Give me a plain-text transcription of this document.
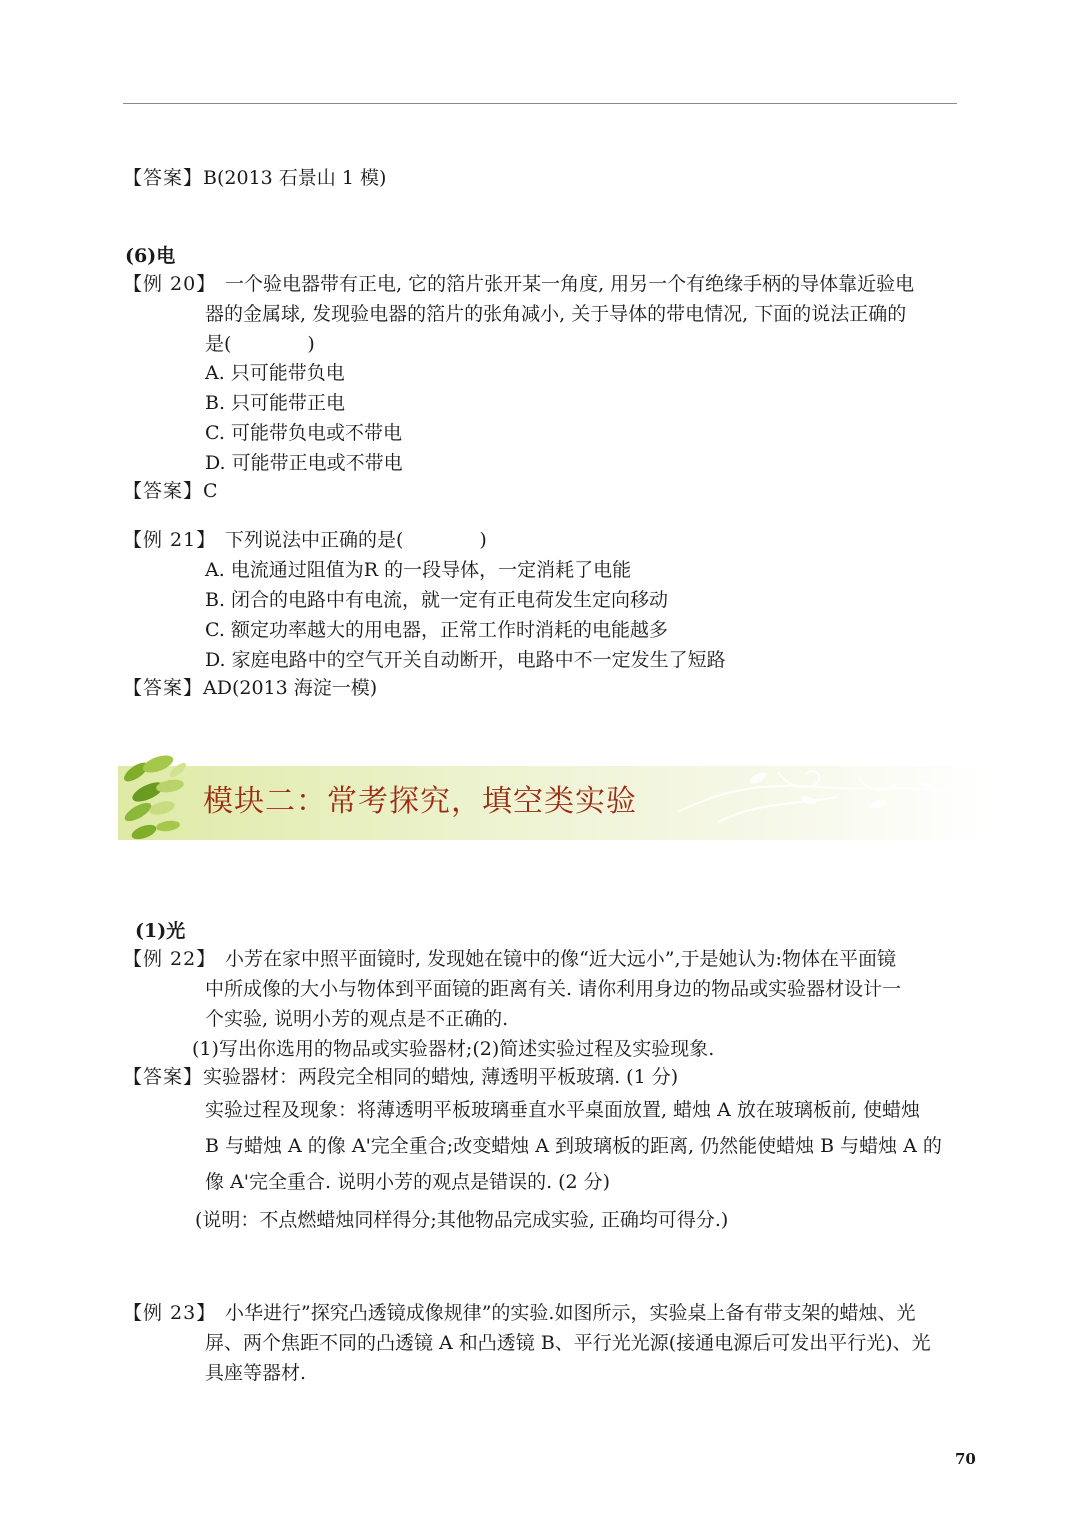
【答案】B(2013 石景山 1 模)
(6)电
【例 20】 一个验电器带有正电, 它的箔片张开某一角度, 用另一个有绝缘手柄的导体靠近验电
器的金属球, 发现验电器的箔片的张角减小, 关于导体的带电情况, 下面的说法正确的
是(　　　　)
A. 只可能带负电
B. 只可能带正电
C. 可能带负电或不带电
D. 可能带正电或不带电
【答案】C
【例 21】 下列说法中正确的是(　　　　)
A. 电流通过阻值为R 的一段导体，一定消耗了电能
B. 闭合的电路中有电流，就一定有正电荷发生定向移动
C. 额定功率越大的用电器，正常工作时消耗的电能越多
D. 家庭电路中的空气开关自动断开，电路中不一定发生了短路
【答案】AD(2013 海淀一模)
模块二：常考探究，填空类实验
(1)光
【例 22】 小芳在家中照平面镜时, 发现她在镜中的像“近大远小”,于是她认为:物体在平面镜
中所成像的大小与物体到平面镜的距离有关. 请你利用身边的物品或实验器材设计一
个实验, 说明小芳的观点是不正确的.
(1)写出你选用的物品或实验器材;(2)简述实验过程及实验现象.
【答案】实验器材：两段完全相同的蜡烛, 薄透明平板玻璃. (1 分)
实验过程及现象：将薄透明平板玻璃垂直水平桌面放置, 蜡烛 A 放在玻璃板前, 使蜡烛
B 与蜡烛 A 的像 A'完全重合;改变蜡烛 A 到玻璃板的距离, 仍然能使蜡烛 B 与蜡烛 A 的
像 A'完全重合. 说明小芳的观点是错误的. (2 分)
(说明：不点燃蜡烛同样得分;其他物品完成实验, 正确均可得分.)
【例 23】 小华进行”探究凸透镜成像规律”的实验.如图所示，实验桌上备有带支架的蜡烛、光
屏、两个焦距不同的凸透镜 A 和凸透镜 B、平行光光源(接通电源后可发出平行光)、光
具座等器材.
70
